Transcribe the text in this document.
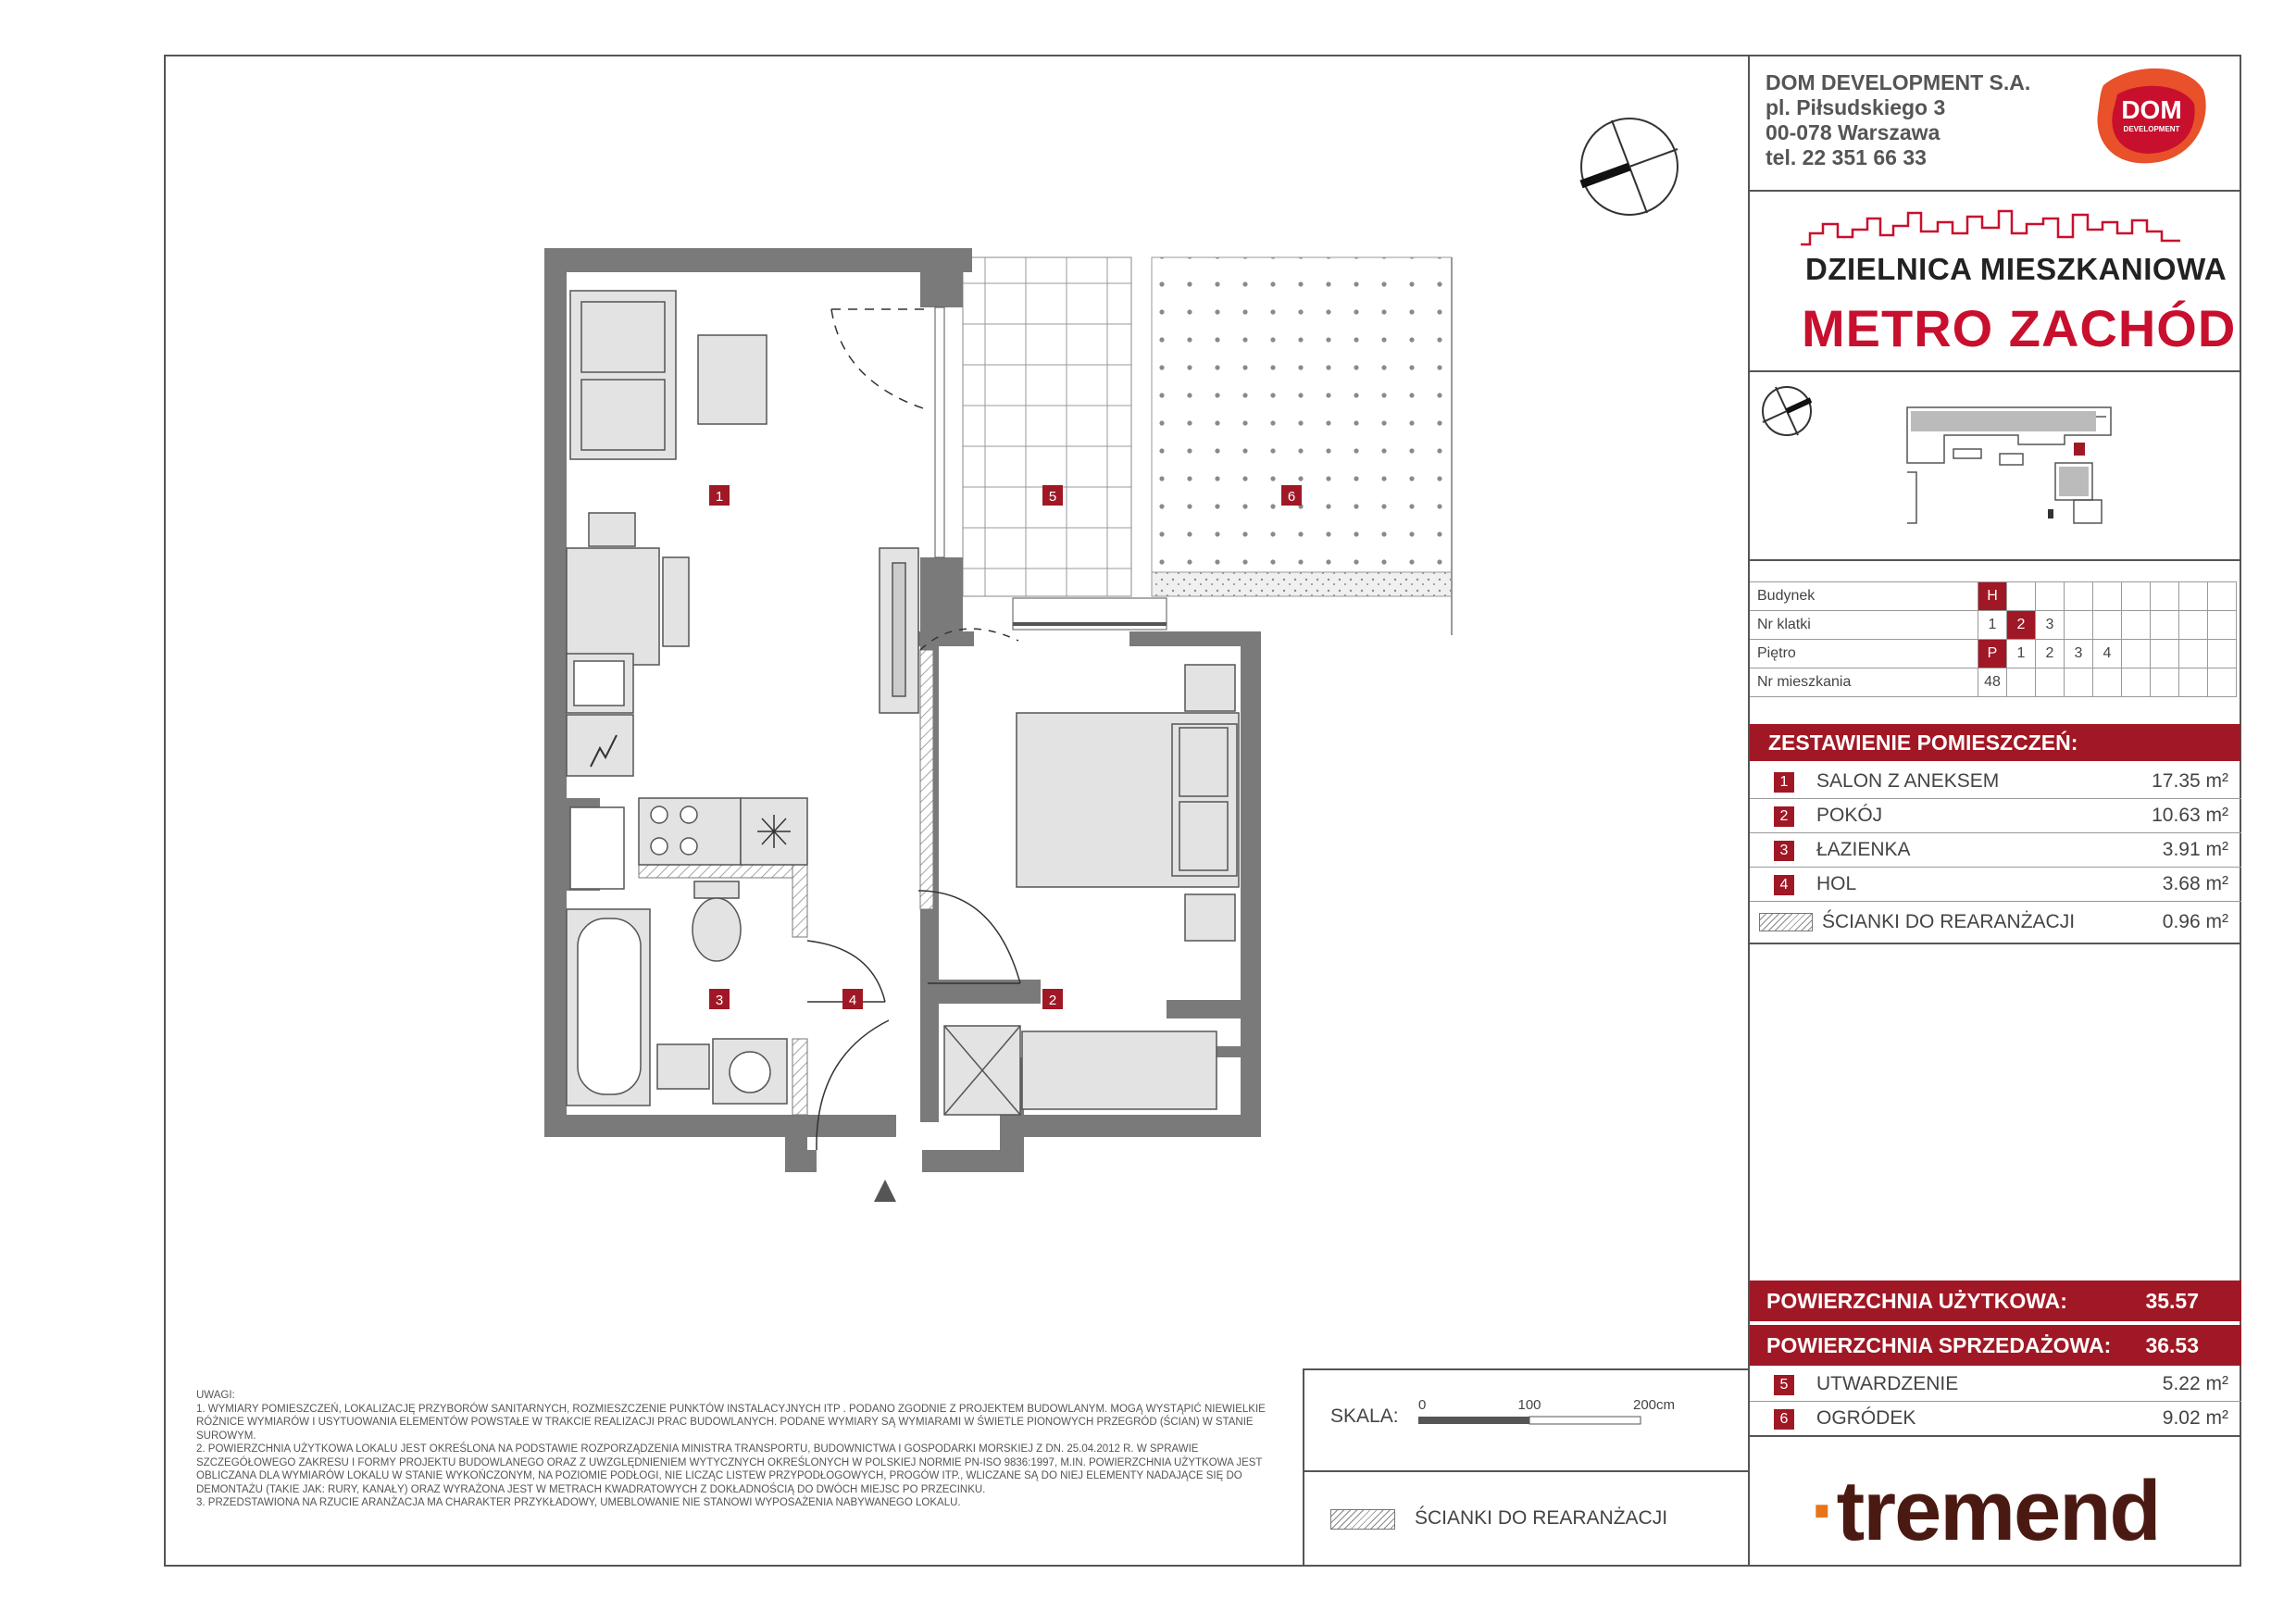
DOM DEVELOPMENT S.A.
pl. Piłsudskiego 3
00-078 Warszawa
tel. 22 351 66 33
DOM
DEVELOPMENT
DZIELNICA MIESZKANIOWA
METRO ZACHÓD
Budynek	H								
Nr klatki	1	2	3						
Piętro	P	1	2	3	4				
Nr mieszkania	48								
ZESTAWIENIE POMIESZCZEŃ:
1	SALON Z ANEKSEM	17.35 m²
2	POKÓJ	10.63 m²
3	ŁAZIENKA	3.91 m²
4	HOL	3.68 m²
ŚCIANKI DO REARANŻACJI	0.96 m²
POWIERZCHNIA UŻYTKOWA:	35.57
POWIERZCHNIA SPRZEDAŻOWA: 36.53
5	UTWARDZENIE	5.22 m²
6	OGRÓDEK	9.02 m²
·tremend
SKALA:
0	100	200cm
ŚCIANKI DO REARANŻACJI
UWAGI:
1. WYMIARY POMIESZCZEŃ, LOKALIZACJĘ PRZYBORÓW SANITARNYCH, ROZMIESZCZENIE PUNKTÓW INSTALACYJNYCH ITP . PODANO ZGODNIE Z PROJEKTEM BUDOWLANYM. MOGĄ WYSTĄPIĆ NIEWIELKIE RÓŻNICE WYMIARÓW I USYTUOWANIA ELEMENTÓW POWSTAŁE W TRAKCIE REALIZACJI PRAC BUDOWLANYCH. PODANE WYMIARY SĄ WYMIARAMI W ŚWIETLE PIONOWYCH PRZEGRÓD (ŚCIAN) W STANIE SUROWYM.
2. POWIERZCHNIA UŻYTKOWA LOKALU JEST OKREŚLONA NA PODSTAWIE ROZPORZĄDZENIA MINISTRA TRANSPORTU, BUDOWNICTWA I GOSPODARKI MORSKIEJ Z DN. 25.04.2012 R. W SPRAWIE SZCZEGÓŁOWEGO ZAKRESU I FORMY PROJEKTU BUDOWLANEGO ORAZ Z UWZGLĘDNIENIEM WYTYCZNYCH OKREŚLONYCH W POLSKIEJ NORMIE PN-ISO 9836:1997, M.IN. POWIERZCHNIA UŻYTKOWA JEST OBLICZANA DLA WYMIARÓW LOKALU W STANIE WYKOŃCZONYM, NA POZIOMIE PODŁOGI, NIE LICZĄC LISTEW PRZYPODŁOGOWYCH, PROGÓW ITP., WLICZANE SĄ DO NIEJ ELEMENTY NADAJĄCE SIĘ DO DEMONTAŻU (TAKIE JAK: RURY, KANAŁY) ORAZ WYRAŻONA JEST W METRACH KWADRATOWYCH Z DOKŁADNOŚCIĄ DO DWÓCH MIEJSC PO PRZECINKU.
3. PRZEDSTAWIONA NA RZUCIE ARANŻACJA MA CHARAKTER PRZYKŁADOWY, UMEBLOWANIE NIE STANOWI WYPOSAŻENIA NABYWANEGO LOKALU.
1
2
3	4
5	6
